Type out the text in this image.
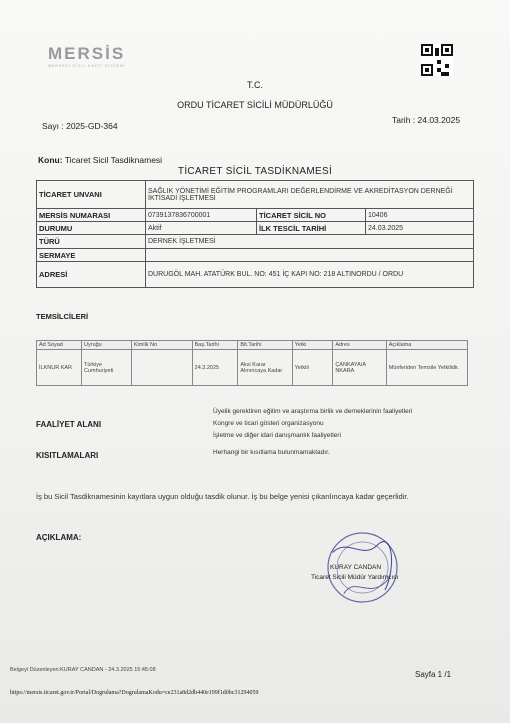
MERSİS
MERKEZİ SİCİL KAYIT SİSTEMİ
T.C.
ORDU TİCARET SİCİLİ MÜDÜRLÜĞÜ
Sayı : 2025-GD-364
Tarih : 24.03.2025
Konu: Ticaret Sicil Tasdiknamesi
TİCARET SİCİL TASDİKNAMESİ
TİCARET UNVANI	SAĞLIK YÖNETİMİ EĞİTİM PROGRAMLARI DEĞERLENDİRME VE AKREDİTASYON DERNEĞİ İKTİSADİ İŞLETMESİ		
MERSİS NUMARASI	0739137836700001	TİCARET SİCİL NO	10406
DURUMU	Aktif	İLK TESCİL TARİHİ	24.03.2025
TÜRÜ	DERNEK İŞLETMESİ		
SERMAYE			
ADRESİ	DURUGÖL MAH. ATATÜRK BUL. NO: 451 İÇ KAPI NO: 218 ALTINORDU / ORDU		
TEMSİLCİLERİ
Ad Soyad	Uyruğu	Kimlik No	Baş.Tarihi	Bit.Tarihi	Yetki	Adres	Açıklama
İLKNUR KAR	Türkiye Cumhuriyeti		24.3.2025	Aksi Karar Alınıncaya Kadar	Yetkili	ÇANKAYA/A NKARA	Münferiden Temsile Yetkilidir.
FAALİYET ALANI
Üyelik gerektiren eğitim ve araştırma birlik ve derneklerinin faaliyetleri
Kongre ve ticari gösteri organizasyonu
İşletme ve diğer idari danışmanlık faaliyetleri
KISITLAMALARI	Herhangi bir kısıtlama bulunmamaktadır.
İş bu Sicil Tasdiknamesinin kayıtlara uygun olduğu tasdik olunur. İş bu belge yenisi çıkarılıncaya kadar geçerlidir.
AÇIKLAMA:
KURAY CANDAN
Ticaret Sicili Müdür Yardımcısı
Belgeyi Düzenleyen:KURAY CANDAN - 24.3.2025 15:45:08	Sayfa 1 /1
https://mersis.ticaret.gov.tr/Portal/Dogrulama?DogrulamaKodu=ce231a8d2db440e199f1d0bc31294059
